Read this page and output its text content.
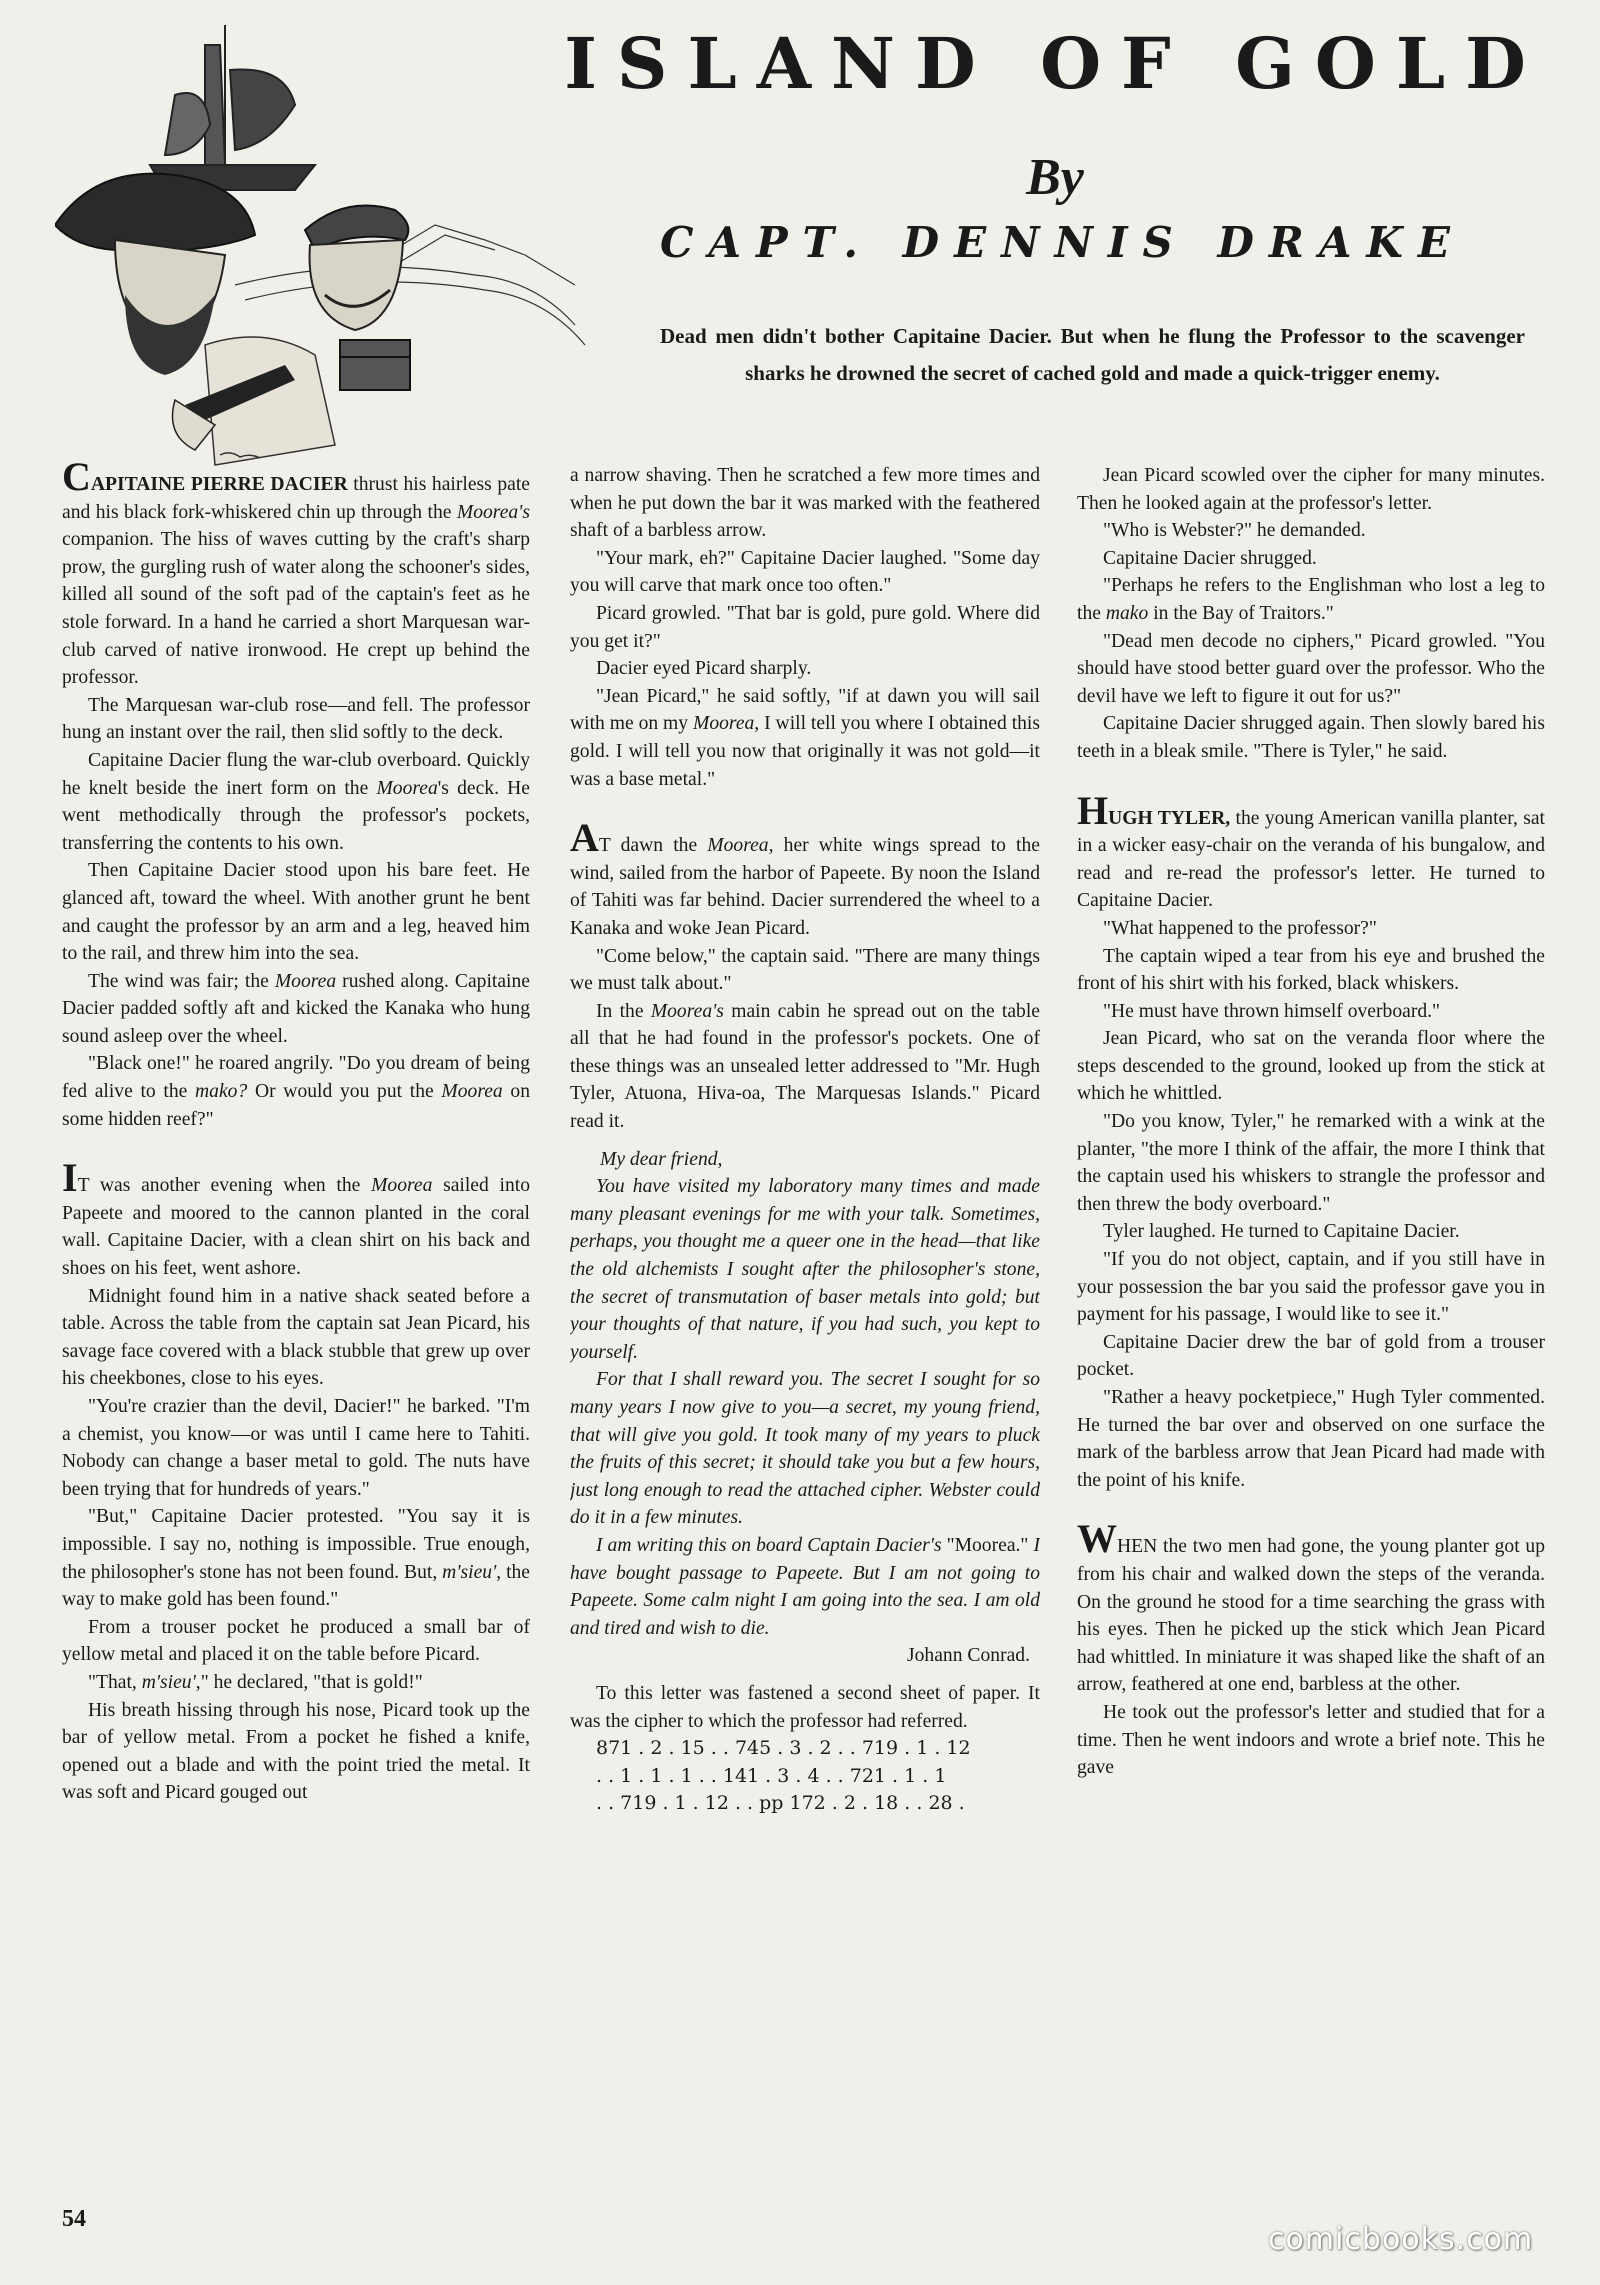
ISLAND OF GOLD
By
CAPT. DENNIS DRAKE
Dead men didn't bother Capitaine Dacier. But when he flung the Professor to the scavenger sharks he drowned the secret of cached gold and made a quick-trigger enemy.

CAPITAINE PIERRE DACIER thrust his hairless pate and his black fork-whiskered chin up through the Moorea's companion. The hiss of waves cutting by the craft's sharp prow, the gurgling rush of water along the schooner's sides, killed all sound of the soft pad of the captain's feet as he stole forward. In a hand he carried a short Marquesan war-club carved of native ironwood. He crept up behind the professor.

The Marquesan war-club rose—and fell. The professor hung an instant over the rail, then slid softly to the deck.

Capitaine Dacier flung the war-club overboard. Quickly he knelt beside the inert form on the Moorea's deck. He went methodically through the professor's pockets, transferring the contents to his own.

Then Capitaine Dacier stood upon his bare feet. He glanced aft, toward the wheel. With another grunt he bent and caught the professor by an arm and a leg, heaved him to the rail, and threw him into the sea.

The wind was fair; the Moorea rushed along. Capitaine Dacier padded softly aft and kicked the Kanaka who hung sound asleep over the wheel.

"Black one!" he roared angrily. "Do you dream of being fed alive to the mako? Or would you put the Moorea on some hidden reef?"

IT was another evening when the Moorea sailed into Papeete and moored to the cannon planted in the coral wall. Capitaine Dacier, with a clean shirt on his back and shoes on his feet, went ashore.

Midnight found him in a native shack seated before a table. Across the table from the captain sat Jean Picard, his savage face covered with a black stubble that grew up over his cheekbones, close to his eyes.

"You're crazier than the devil, Dacier!" he barked. "I'm a chemist, you know—or was until I came here to Tahiti. Nobody can change a baser metal to gold. The nuts have been trying that for hundreds of years."

"But," Capitaine Dacier protested. "You say it is impossible. I say no, nothing is impossible. True enough, the philosopher's stone has not been found. But, m'sieu', the way to make gold has been found."

From a trouser pocket he produced a small bar of yellow metal and placed it on the table before Picard.

"That, m'sieu'," he declared, "that is gold!"

His breath hissing through his nose, Picard took up the bar of yellow metal. From a pocket he fished a knife, opened out a blade and with the point tried the metal. It was soft and Picard gouged out

a narrow shaving. Then he scratched a few more times and when he put down the bar it was marked with the feathered shaft of a barbless arrow.

"Your mark, eh?" Capitaine Dacier laughed. "Some day you will carve that mark once too often."

Picard growled. "That bar is gold, pure gold. Where did you get it?"

Dacier eyed Picard sharply.

"Jean Picard," he said softly, "if at dawn you will sail with me on my Moorea, I will tell you where I obtained this gold. I will tell you now that originally it was not gold—it was a base metal."

AT dawn the Moorea, her white wings spread to the wind, sailed from the harbor of Papeete. By noon the Island of Tahiti was far behind. Dacier surrendered the wheel to a Kanaka and woke Jean Picard.

"Come below," the captain said. "There are many things we must talk about."

In the Moorea's main cabin he spread out on the table all that he had found in the professor's pockets. One of these things was an unsealed letter addressed to "Mr. Hugh Tyler, Atuona, Hiva-oa, The Marquesas Islands." Picard read it.

My dear friend,

You have visited my laboratory many times and made many pleasant evenings for me with your talk. Sometimes, perhaps, you thought me a queer one in the head—that like the old alchemists I sought after the philosopher's stone, the secret of transmutation of baser metals into gold; but your thoughts of that nature, if you had such, you kept to yourself.

For that I shall reward you. The secret I sought for so many years I now give to you—a secret, my young friend, that will give you gold. It took many of my years to pluck the fruits of this secret; it should take you but a few hours, just long enough to read the attached cipher. Webster could do it in a few minutes.

I am writing this on board Captain Dacier's "Moorea." I have bought passage to Papeete. But I am not going to Papeete. Some calm night I am going into the sea. I am old and tired and wish to die.

Johann Conrad.

To this letter was fastened a second sheet of paper. It was the cipher to which the professor had referred.

871 . 2 . 15 . . 745 . 3 . 2 . . 719 . 1 . 12

. . 1 . 1 . 1 . . 141 . 3 . 4 . . 721 . 1 . 1

. . 719 . 1 . 12 . . pp 172 . 2 . 18 . . 28 .

Jean Picard scowled over the cipher for many minutes. Then he looked again at the professor's letter.

"Who is Webster?" he demanded.

Capitaine Dacier shrugged.

"Perhaps he refers to the Englishman who lost a leg to the mako in the Bay of Traitors."

"Dead men decode no ciphers," Picard growled. "You should have stood better guard over the professor. Who the devil have we left to figure it out for us?"

Capitaine Dacier shrugged again. Then slowly bared his teeth in a bleak smile. "There is Tyler," he said.

HUGH TYLER, the young American vanilla planter, sat in a wicker easy-chair on the veranda of his bungalow, and read and re-read the professor's letter. He turned to Capitaine Dacier.

"What happened to the professor?"

The captain wiped a tear from his eye and brushed the front of his shirt with his forked, black whiskers.

"He must have thrown himself overboard."

Jean Picard, who sat on the veranda floor where the steps descended to the ground, looked up from the stick at which he whittled.

"Do you know, Tyler," he remarked with a wink at the planter, "the more I think of the affair, the more I think that the captain used his whiskers to strangle the professor and then threw the body overboard."

Tyler laughed. He turned to Capitaine Dacier.

"If you do not object, captain, and if you still have in your possession the bar you said the professor gave you in payment for his passage, I would like to see it."

Capitaine Dacier drew the bar of gold from a trouser pocket.

"Rather a heavy pocketpiece," Hugh Tyler commented. He turned the bar over and observed on one surface the mark of the barbless arrow that Jean Picard had made with the point of his knife.

WHEN the two men had gone, the young planter got up from his chair and walked down the steps of the veranda. On the ground he stood for a time searching the grass with his eyes. Then he picked up the stick which Jean Picard had whittled. In miniature it was shaped like the shaft of an arrow, feathered at one end, barbless at the other.

He took out the professor's letter and studied that for a time. Then he went indoors and wrote a brief note. This he gave

54
comicbooks.com
